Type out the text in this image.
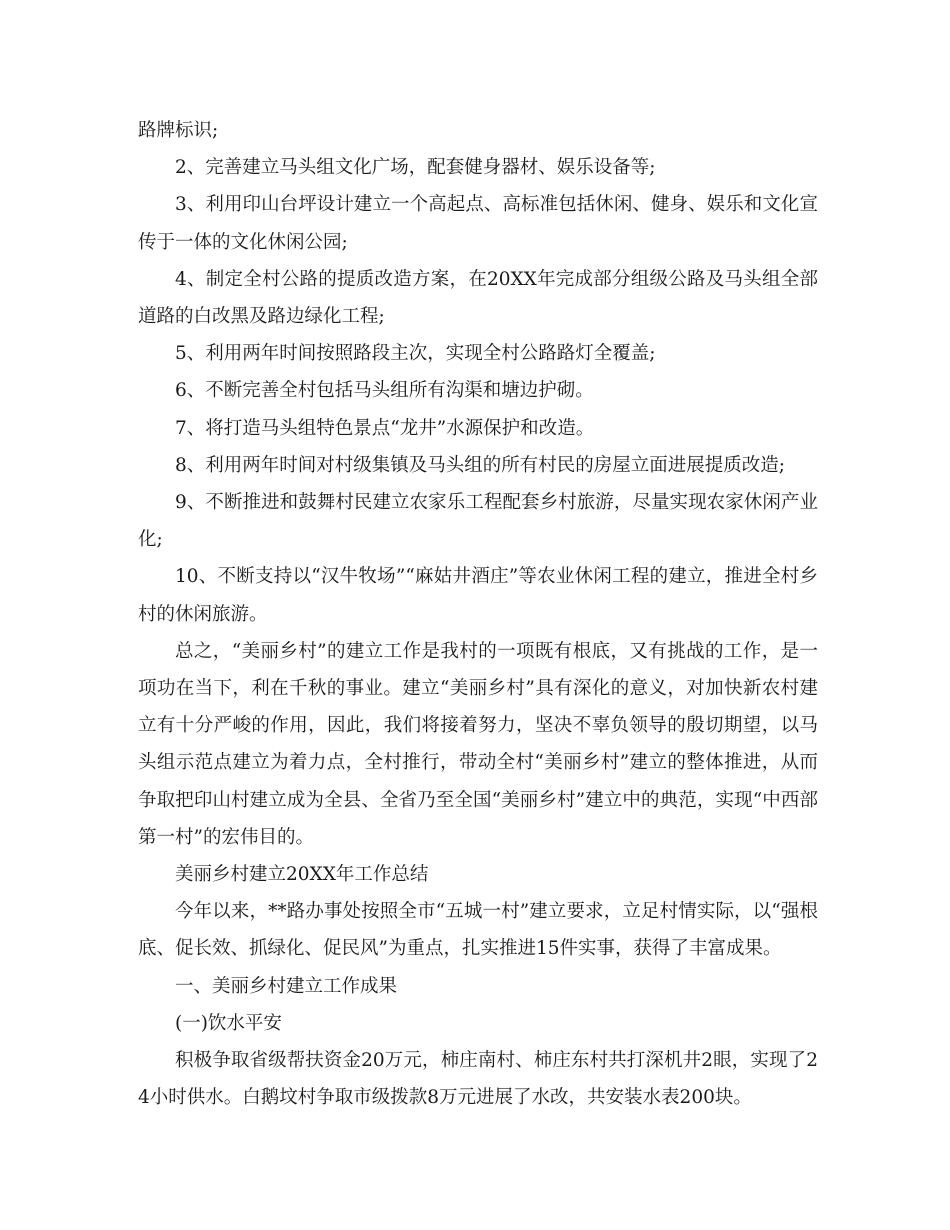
路牌标识;

2、完善建立马头组文化广场，配套健身器材、娱乐设备等;

3、利用印山台坪设计建立一个高起点、高标准包括休闲、健身、娱乐和文化宣传于一体的文化休闲公园;

4、制定全村公路的提质改造方案，在20XX年完成部分组级公路及马头组全部道路的白改黑及路边绿化工程;

5、利用两年时间按照路段主次，实现全村公路路灯全覆盖;

6、不断完善全村包括马头组所有沟渠和塘边护砌。

7、将打造马头组特色景点“龙井”水源保护和改造。

8、利用两年时间对村级集镇及马头组的所有村民的房屋立面进展提质改造;

9、不断推进和鼓舞村民建立农家乐工程配套乡村旅游，尽量实现农家休闲产业化;

10、不断支持以“汉牛牧场”“麻姑井酒庄”等农业休闲工程的建立，推进全村乡村的休闲旅游。

总之，“美丽乡村”的建立工作是我村的一项既有根底，又有挑战的工作，是一项功在当下，利在千秋的事业。建立“美丽乡村”具有深化的意义，对加快新农村建立有十分严峻的作用，因此，我们将接着努力，坚决不辜负领导的殷切期望，以马头组示范点建立为着力点，全村推行，带动全村“美丽乡村”建立的整体推进，从而争取把印山村建立成为全县、全省乃至全国“美丽乡村”建立中的典范，实现“中西部第一村”的宏伟目的。

美丽乡村建立20XX年工作总结

今年以来，**路办事处按照全市“五城一村”建立要求，立足村情实际，以“强根底、促长效、抓绿化、促民风”为重点，扎实推进15件实事，获得了丰富成果。

一、美丽乡村建立工作成果

(一)饮水平安

积极争取省级帮扶资金20万元，柿庄南村、柿庄东村共打深机井2眼，实现了24小时供水。白鹅坟村争取市级拨款8万元进展了水改，共安装水表200块。
